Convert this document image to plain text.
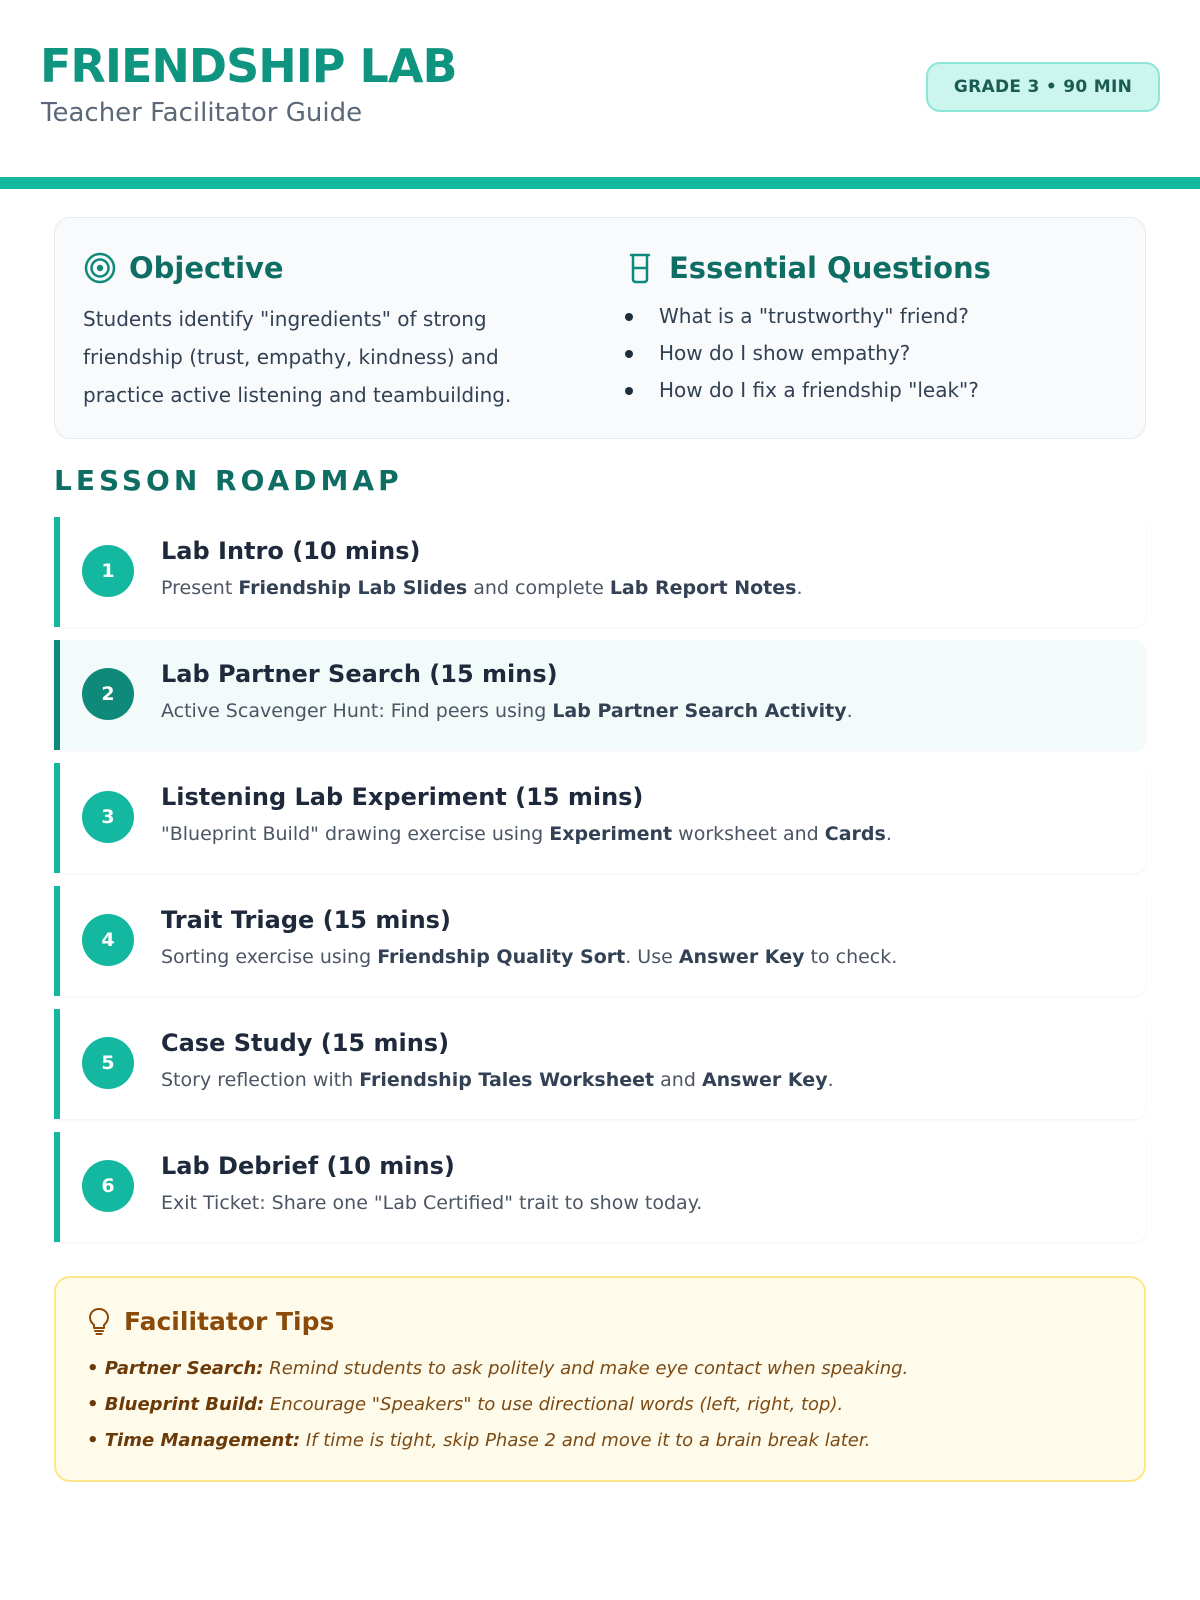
FRIENDSHIP LAB
Teacher Facilitator Guide
GRADE 3 • 90 MIN
Objective
Students identify "ingredients" of strong friendship (trust, empathy, kindness) and practice active listening and teambuilding.
Essential Questions
What is a "trustworthy" friend?
How do I show empathy?
How do I fix a friendship "leak"?
LESSON ROADMAP
1
Lab Intro (10 mins)
Present Friendship Lab Slides and complete Lab Report Notes.
2
Lab Partner Search (15 mins)
Active Scavenger Hunt: Find peers using Lab Partner Search Activity.
3
Listening Lab Experiment (15 mins)
"Blueprint Build" drawing exercise using Experiment worksheet and Cards.
4
Trait Triage (15 mins)
Sorting exercise using Friendship Quality Sort. Use Answer Key to check.
5
Case Study (15 mins)
Story reflection with Friendship Tales Worksheet and Answer Key.
6
Lab Debrief (10 mins)
Exit Ticket: Share one "Lab Certified" trait to show today.
Facilitator Tips
• Partner Search: Remind students to ask politely and make eye contact when speaking.
• Blueprint Build: Encourage "Speakers" to use directional words (left, right, top).
• Time Management: If time is tight, skip Phase 2 and move it to a brain break later.
